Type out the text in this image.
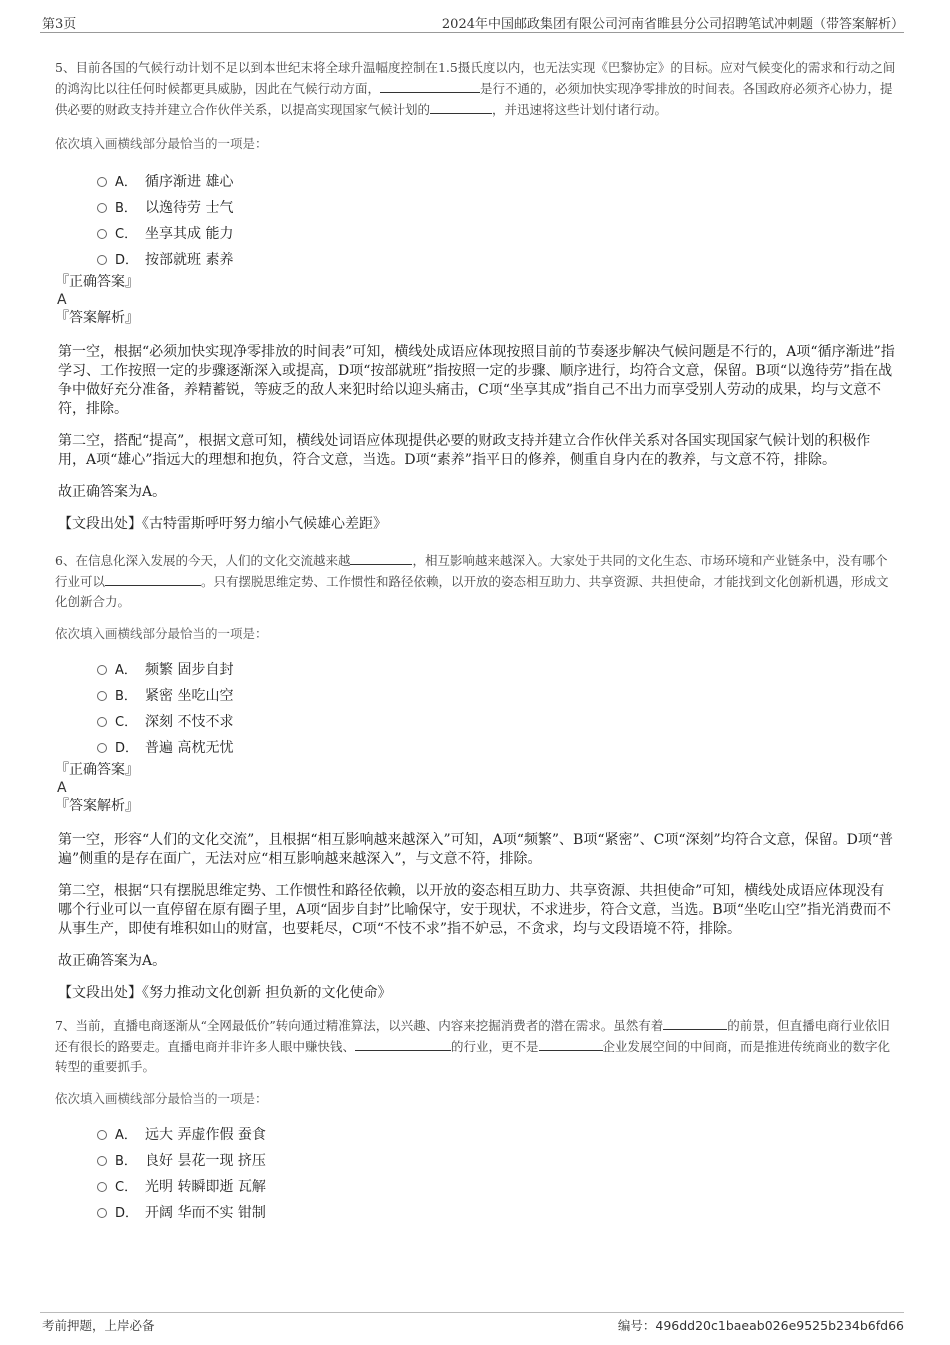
第3页	2024年中国邮政集团有限公司河南省睢县分公司招聘笔试冲刺题（带答案解析）

5、目前各国的气候行动计划不足以到本世纪末将全球升温幅度控制在1.5摄氏度以内，也无法实现《巴黎协定》的目标。应对气候变化的需求和行动之间的鸿沟比以往任何时候都更具威胁，因此在气候行动方面，	是行不通的，必须加快实现净零排放的时间表。各国政府必须齐心协力，提供必要的财政支持并建立合作伙伴关系，以提高实现国家气候计划的	，并迅速将这些计划付诸行动。

依次填入画横线部分最恰当的一项是：

A． 循序渐进 雄心
B． 以逸待劳 士气
C． 坐享其成 能力
D． 按部就班 素养

『正确答案』

A

『答案解析』

第一空，根据“必须加快实现净零排放的时间表”可知，横线处成语应体现按照目前的节奏逐步解决气候问题是不行的，A项“循序渐进”指学习、工作按照一定的步骤逐渐深入或提高，D项“按部就班”指按照一定的步骤、顺序进行，均符合文意，保留。B项“以逸待劳”指在战争中做好充分准备，养精蓄锐，等疲乏的敌人来犯时给以迎头痛击，C项“坐享其成”指自己不出力而享受别人劳动的成果，均与文意不符，排除。

第二空，搭配“提高”，根据文意可知，横线处词语应体现提供必要的财政支持并建立合作伙伴关系对各国实现国家气候计划的积极作用，A项“雄心”指远大的理想和抱负，符合文意，当选。D项“素养”指平日的修养，侧重自身内在的教养，与文意不符，排除。

故正确答案为A。

【文段出处】《古特雷斯呼吁努力缩小气候雄心差距》

6、在信息化深入发展的今天，人们的文化交流越来越	，相互影响越来越深入。大家处于共同的文化生态、市场环境和产业链条中，没有哪个行业可以	。只有摆脱思维定势、工作惯性和路径依赖，以开放的姿态相互助力、共享资源、共担使命，才能找到文化创新机遇，形成文化创新合力。

依次填入画横线部分最恰当的一项是：

A． 频繁 固步自封
B． 紧密 坐吃山空
C． 深刻 不忮不求
D． 普遍 高枕无忧

『正确答案』

A

『答案解析』

第一空，形容“人们的文化交流”，且根据“相互影响越来越深入”可知，A项“频繁”、B项“紧密”、C项“深刻”均符合文意，保留。D项“普遍”侧重的是存在面广，无法对应“相互影响越来越深入”，与文意不符，排除。

第二空，根据“只有摆脱思维定势、工作惯性和路径依赖，以开放的姿态相互助力、共享资源、共担使命”可知，横线处成语应体现没有哪个行业可以一直停留在原有圈子里，A项“固步自封”比喻保守，安于现状，不求进步，符合文意，当选。B项“坐吃山空”指光消费而不从事生产，即使有堆积如山的财富，也要耗尽，C项“不忮不求”指不妒忌，不贪求，均与文段语境不符，排除。

故正确答案为A。

【文段出处】《努力推动文化创新 担负新的文化使命》

7、当前，直播电商逐渐从“全网最低价”转向通过精准算法，以兴趣、内容来挖掘消费者的潜在需求。虽然有着	的前景，但直播电商行业依旧还有很长的路要走。直播电商并非许多人眼中赚快钱、	的行业，更不是	企业发展空间的中间商，而是推进传统商业的数字化转型的重要抓手。

依次填入画横线部分最恰当的一项是：

A． 远大 弄虚作假 蚕食
B． 良好 昙花一现 挤压
C． 光明 转瞬即逝 瓦解
D． 开阔 华而不实 钳制
考前押题，上岸必备	编号：496dd20c1baeab026e9525b234b6fd66
